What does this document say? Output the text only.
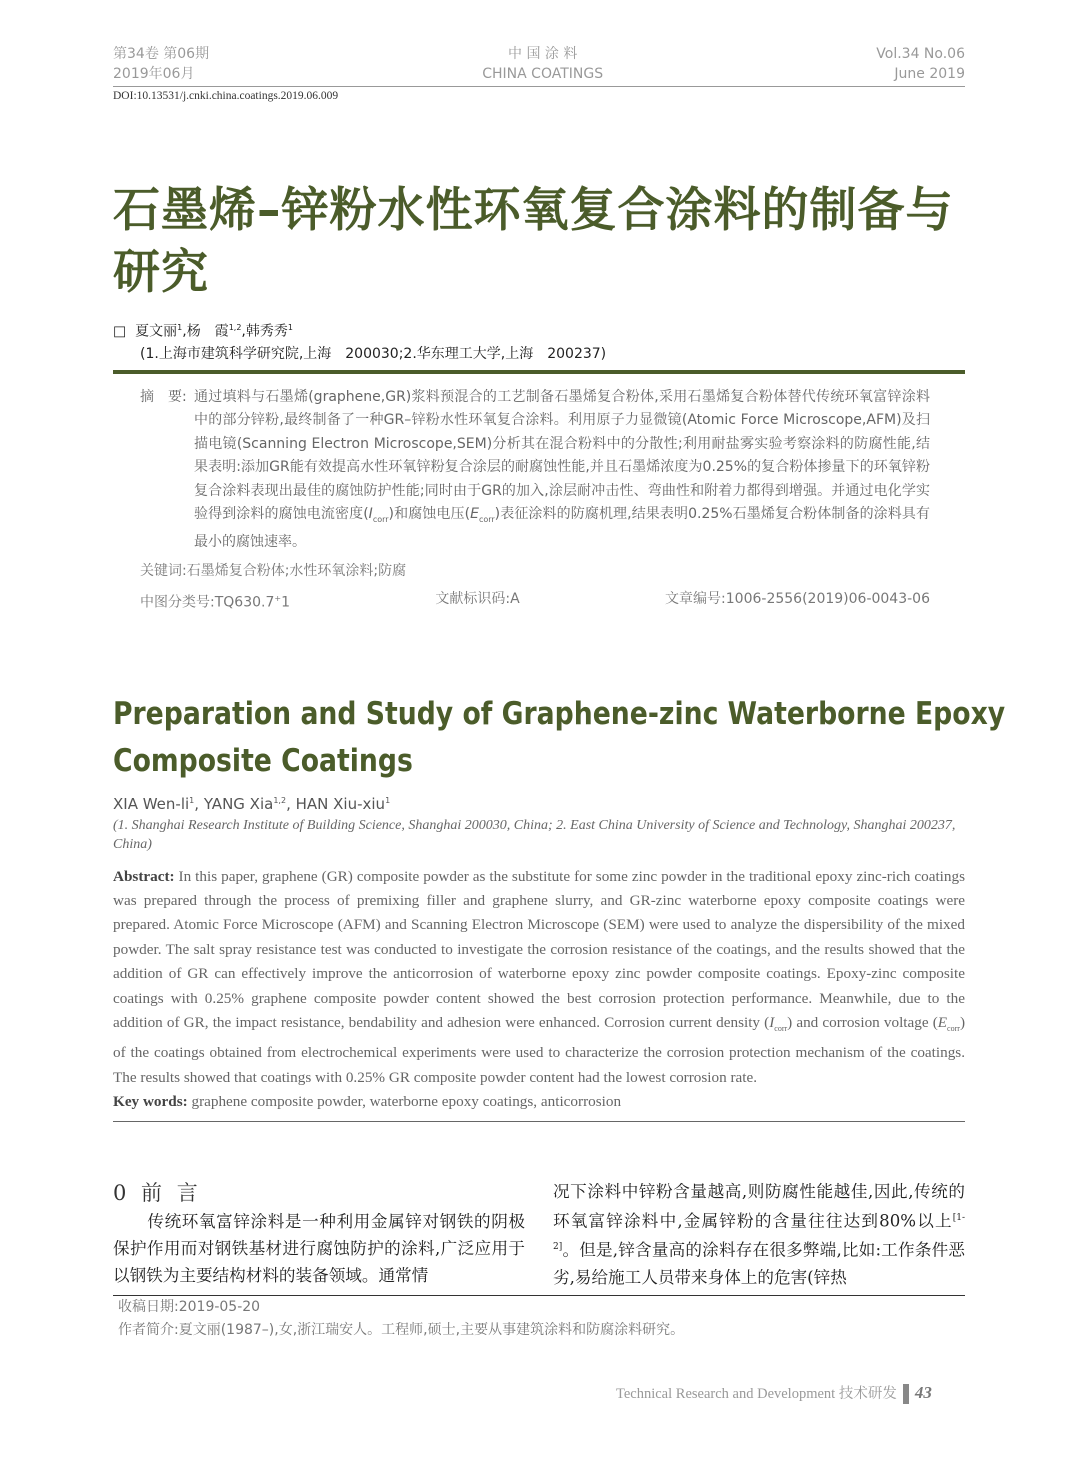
第34卷 第06期
2019年06月
中 国 涂 料
CHINA COATINGS
Vol.34 No.06
June 2019
DOI:10.13531/j.cnki.china.coatings.2019.06.009
石墨烯–锌粉水性环氧复合涂料的制备与研究
□ 夏文丽$^1$,杨　霞$^{1,2}$,韩秀秀$^1$
(1.上海市建筑科学研究院,上海　200030;2.华东理工大学,上海　200237)
摘　要: 通过填料与石墨烯(graphene,GR)浆料预混合的工艺制备石墨烯复合粉体,采用石墨烯复合粉体替代传统环氧富锌涂料中的部分锌粉,最终制备了一种GR–锌粉水性环氧复合涂料。利用原子力显微镜(Atomic Force Microscope,AFM)及扫描电镜(Scanning Electron Microscope,SEM)分析其在混合粉料中的分散性;利用耐盐雾实验考察涂料的防腐性能,结果表明:添加GR能有效提高水性环氧锌粉复合涂层的耐腐蚀性能,并且石墨烯浓度为0.25%的复合粉体掺量下的环氧锌粉复合涂料表现出最佳的腐蚀防护性能;同时由于GR的加入,涂层耐冲击性、弯曲性和附着力都得到增强。并通过电化学实验得到涂料的腐蚀电流密度$(I_{corr})$和腐蚀电压$(E_{corr})$表征涂料的防腐机理,结果表明0.25%石墨烯复合粉体制备的涂料具有最小的腐蚀速率。
关键词:石墨烯复合粉体;水性环氧涂料;防腐
中图分类号:TQ630.7+1	文献标识码:A	文章编号:1006-2556(2019)06-0043-06
Preparation and Study of Graphene-zinc Waterborne Epoxy
Composite Coatings
XIA Wen-$li^1$, YANG Xia$^{1,2}$, HAN Xiu-xiu$^1$
(1. Shanghai Research Institute of Building Science, Shanghai 200030, China; 2. East China University of Science and Technology, Shanghai 200237, China)
Abstract: In this paper, graphene (GR) composite powder as the substitute for some zinc powder in the traditional epoxy zinc-rich coatings was prepared through the process of premixing filler and graphene slurry, and GR-zinc waterborne epoxy composite coatings were prepared. Atomic Force Microscope (AFM) and Scanning Electron Microscope (SEM) were used to analyze the dispersibility of the mixed powder. The salt spray resistance test was conducted to investigate the corrosion resistance of the coatings, and the results showed that the addition of GR can effectively improve the anticorrosion of waterborne epoxy zinc powder composite coatings. Epoxy-zinc composite coatings with 0.25% graphene composite powder content showed the best corrosion protection performance. Meanwhile, due to the addition of GR, the impact resistance, bendability and adhesion were enhanced. Corrosion current density $(I_{corr})$ and corrosion voltage $(E_{corr})$ of the coatings obtained from electrochemical experiments were used to characterize the corrosion protection mechanism of the coatings. The results showed that coatings with 0.25% GR composite powder content had the lowest corrosion rate.
Key words: graphene composite powder, waterborne epoxy coatings, anticorrosion
0 前 言
　　传统环氧富锌涂料是一种利用金属锌对钢铁的阴极保护作用而对钢铁基材进行腐蚀防护的涂料,广泛应用于以钢铁为主要结构材料的装备领域。通常情
况下涂料中锌粉含量越高,则防腐性能越佳,因此,传统的环氧富锌涂料中,金属锌粉的含量往往达到80%以上[1-2]。但是,锌含量高的涂料存在很多弊端,比如:工作条件恶劣,易给施工人员带来身体上的危害(锌热
收稿日期:2019-05-20
作者简介:夏文丽(1987–),女,浙江瑞安人。工程师,硕士,主要从事建筑涂料和防腐涂料研究。
Technical Research and Development 技术研发 43
